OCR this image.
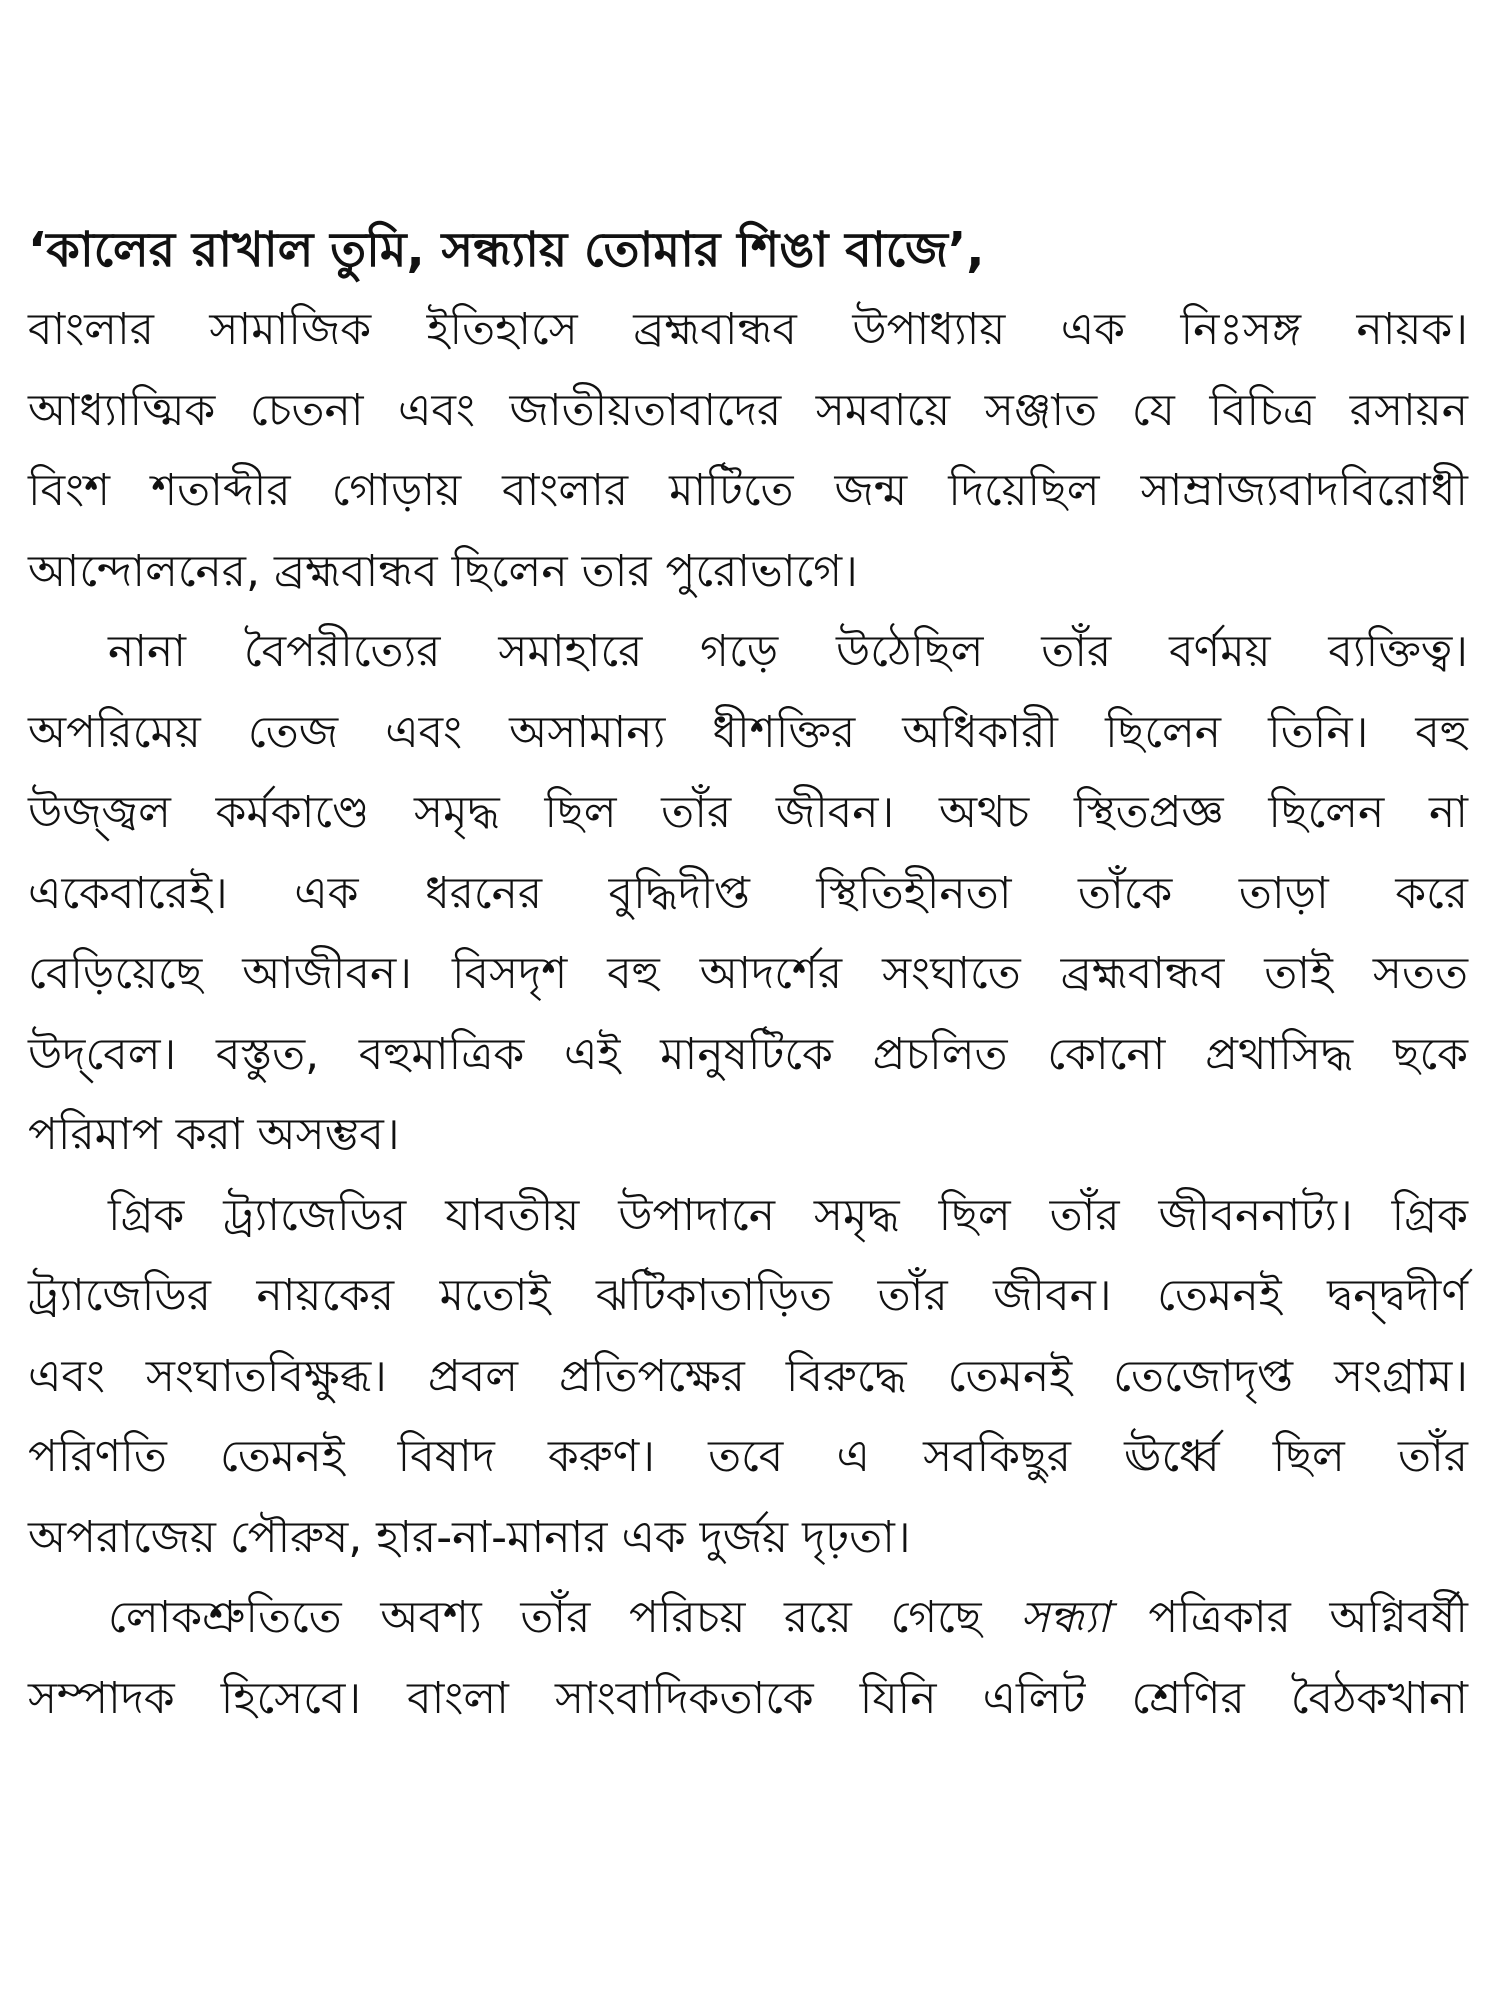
‘কালের রাখাল তুমি, সন্ধ্যায় তোমার শিঙা বাজে’,
বাংলার সামাজিক ইতিহাসে ব্রহ্মবান্ধব উপাধ্যায় এক নিঃসঙ্গ নায়ক।
আধ্যাত্মিক চেতনা এবং জাতীয়তাবাদের সমবায়ে সঞ্জাত যে বিচিত্র রসায়ন
বিংশ শতাব্দীর গোড়ায় বাংলার মাটিতে জন্ম দিয়েছিল সাম্রাজ্যবাদবিরোধী
আন্দোলনের, ব্রহ্মবান্ধব ছিলেন তার পুরোভাগে।
নানা বৈপরীত্যের সমাহারে গড়ে উঠেছিল তাঁর বর্ণময় ব্যক্তিত্ব।
অপরিমেয় তেজ এবং অসামান্য ধীশক্তির অধিকারী ছিলেন তিনি। বহু
উজ্জ্বল কর্মকাণ্ডে সমৃদ্ধ ছিল তাঁর জীবন। অথচ স্থিতপ্রজ্ঞ ছিলেন না
একেবারেই। এক ধরনের বুদ্ধিদীপ্ত স্থিতিহীনতা তাঁকে তাড়া করে
বেড়িয়েছে আজীবন। বিসদৃশ বহু আদর্শের সংঘাতে ব্রহ্মবান্ধব তাই সতত
উদ্‌বেল। বস্তুত, বহুমাত্রিক এই মানুষটিকে প্রচলিত কোনো প্রথাসিদ্ধ ছকে
পরিমাপ করা অসম্ভব।
গ্রিক ট্র্যাজেডির যাবতীয় উপাদানে সমৃদ্ধ ছিল তাঁর জীবননাট্য। গ্রিক
ট্র্যাজেডির নায়কের মতোই ঝটিকাতাড়িত তাঁর জীবন। তেমনই দ্বন্দ্বদীর্ণ
এবং সংঘাতবিক্ষুব্ধ। প্রবল প্রতিপক্ষের বিরুদ্ধে তেমনই তেজোদৃপ্ত সংগ্রাম।
পরিণতি তেমনই বিষাদ করুণ। তবে এ সবকিছুর ঊর্ধ্বে ছিল তাঁর
অপরাজেয় পৌরুষ, হার-না-মানার এক দুর্জয় দৃঢ়তা।
লোকশ্রুতিতে অবশ্য তাঁর পরিচয় রয়ে গেছে সন্ধ্যা পত্রিকার অগ্নিবর্ষী
সম্পাদক হিসেবে। বাংলা সাংবাদিকতাকে যিনি এলিট শ্রেণির বৈঠকখানা
